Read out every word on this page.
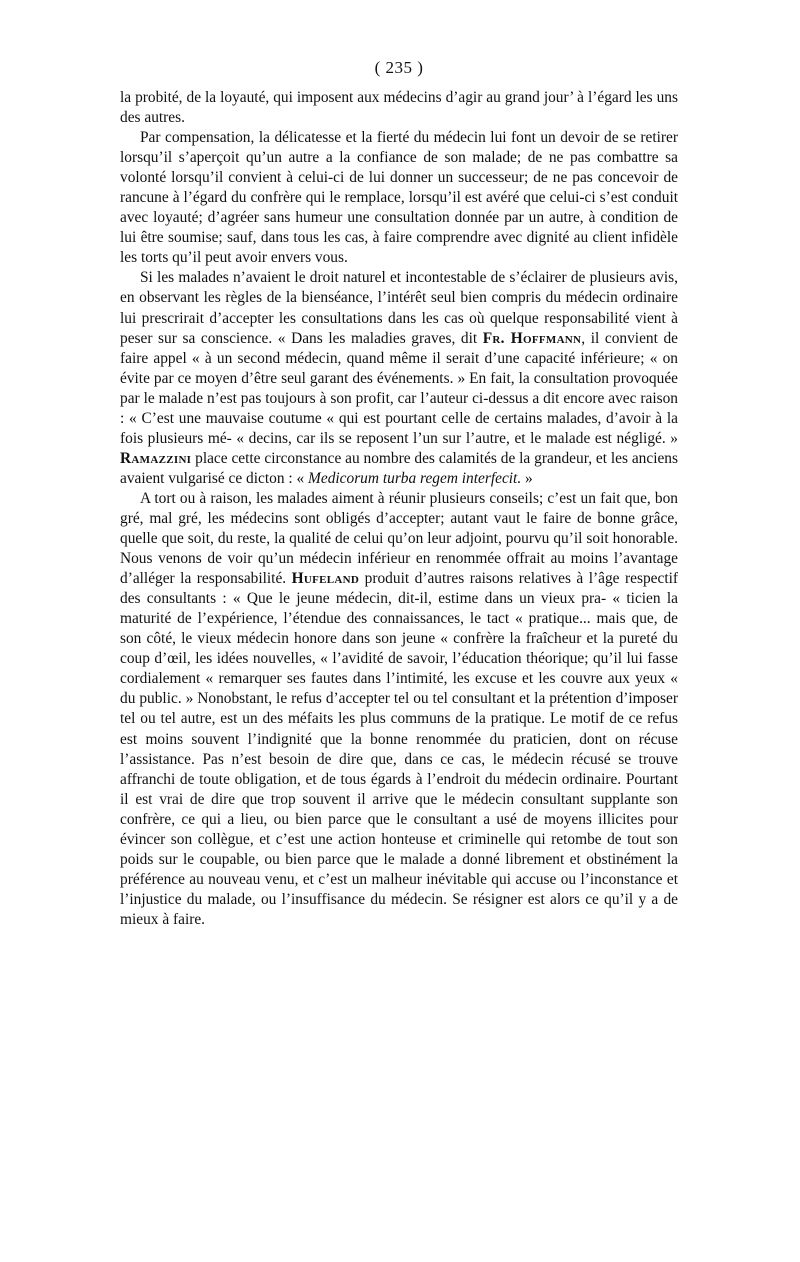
( 235 )

la probité, de la loyauté, qui imposent aux médecins d’agir au grand jour’ à l’égard les uns des autres.

Par compensation, la délicatesse et la fierté du médecin lui font un devoir de se retirer lorsqu’il s’aperçoit qu’un autre a la confiance de son malade; de ne pas combattre sa volonté lorsqu’il convient à celui-ci de lui donner un successeur; de ne pas concevoir de rancune à l’égard du confrère qui le remplace, lorsqu’il est avéré que celui-ci s’est conduit avec loyauté; d’agréer sans humeur une consultation donnée par un autre, à condition de lui être soumise; sauf, dans tous les cas, à faire comprendre avec dignité au client infidèle les torts qu’il peut avoir envers vous.

Si les malades n’avaient le droit naturel et incontestable de s’éclairer de plusieurs avis, en observant les règles de la bienséance, l’intérêt seul bien compris du médecin ordinaire lui prescrirait d’accepter les consultations dans les cas où quelque responsabilité vient à peser sur sa conscience. « Dans les maladies graves, dit Fr. Hoffmann, il convient de faire appel « à un second médecin, quand même il serait d’une capacité inférieure; « on évite par ce moyen d’être seul garant des événements. » En fait, la consultation provoquée par le malade n’est pas toujours à son profit, car l’auteur ci-dessus a dit encore avec raison : « C’est une mauvaise coutume « qui est pourtant celle de certains malades, d’avoir à la fois plusieurs mé- « decins, car ils se reposent l’un sur l’autre, et le malade est négligé. » Ramazzini place cette circonstance au nombre des calamités de la grandeur, et les anciens avaient vulgarisé ce dicton : « Medicorum turba regem interfecit. »

A tort ou à raison, les malades aiment à réunir plusieurs conseils; c’est un fait que, bon gré, mal gré, les médecins sont obligés d’accepter; autant vaut le faire de bonne grâce, quelle que soit, du reste, la qualité de celui qu’on leur adjoint, pourvu qu’il soit honorable. Nous venons de voir qu’un médecin inférieur en renommée offrait au moins l’avantage d’alléger la responsabilité. Hufeland produit d’autres raisons relatives à l’âge respectif des consultants : « Que le jeune médecin, dit-il, estime dans un vieux pra- « ticien la maturité de l’expérience, l’étendue des connaissances, le tact « pratique... mais que, de son côté, le vieux médecin honore dans son jeune « confrère la fraîcheur et la pureté du coup d’œil, les idées nouvelles, « l’avidité de savoir, l’éducation théorique; qu’il lui fasse cordialement « remarquer ses fautes dans l’intimité, les excuse et les couvre aux yeux « du public. » Nonobstant, le refus d’accepter tel ou tel consultant et la prétention d’imposer tel ou tel autre, est un des méfaits les plus communs de la pratique. Le motif de ce refus est moins souvent l’indignité que la bonne renommée du praticien, dont on récuse l’assistance. Pas n’est besoin de dire que, dans ce cas, le médecin récusé se trouve affranchi de toute obligation, et de tous égards à l’endroit du médecin ordinaire. Pourtant il est vrai de dire que trop souvent il arrive que le médecin consultant supplante son confrère, ce qui a lieu, ou bien parce que le consultant a usé de moyens illicites pour évincer son collègue, et c’est une action honteuse et criminelle qui retombe de tout son poids sur le coupable, ou bien parce que le malade a donné librement et obstinément la préférence au nouveau venu, et c’est un malheur inévitable qui accuse ou l’inconstance et l’injustice du malade, ou l’insuffisance du médecin. Se résigner est alors ce qu’il y a de mieux à faire.
